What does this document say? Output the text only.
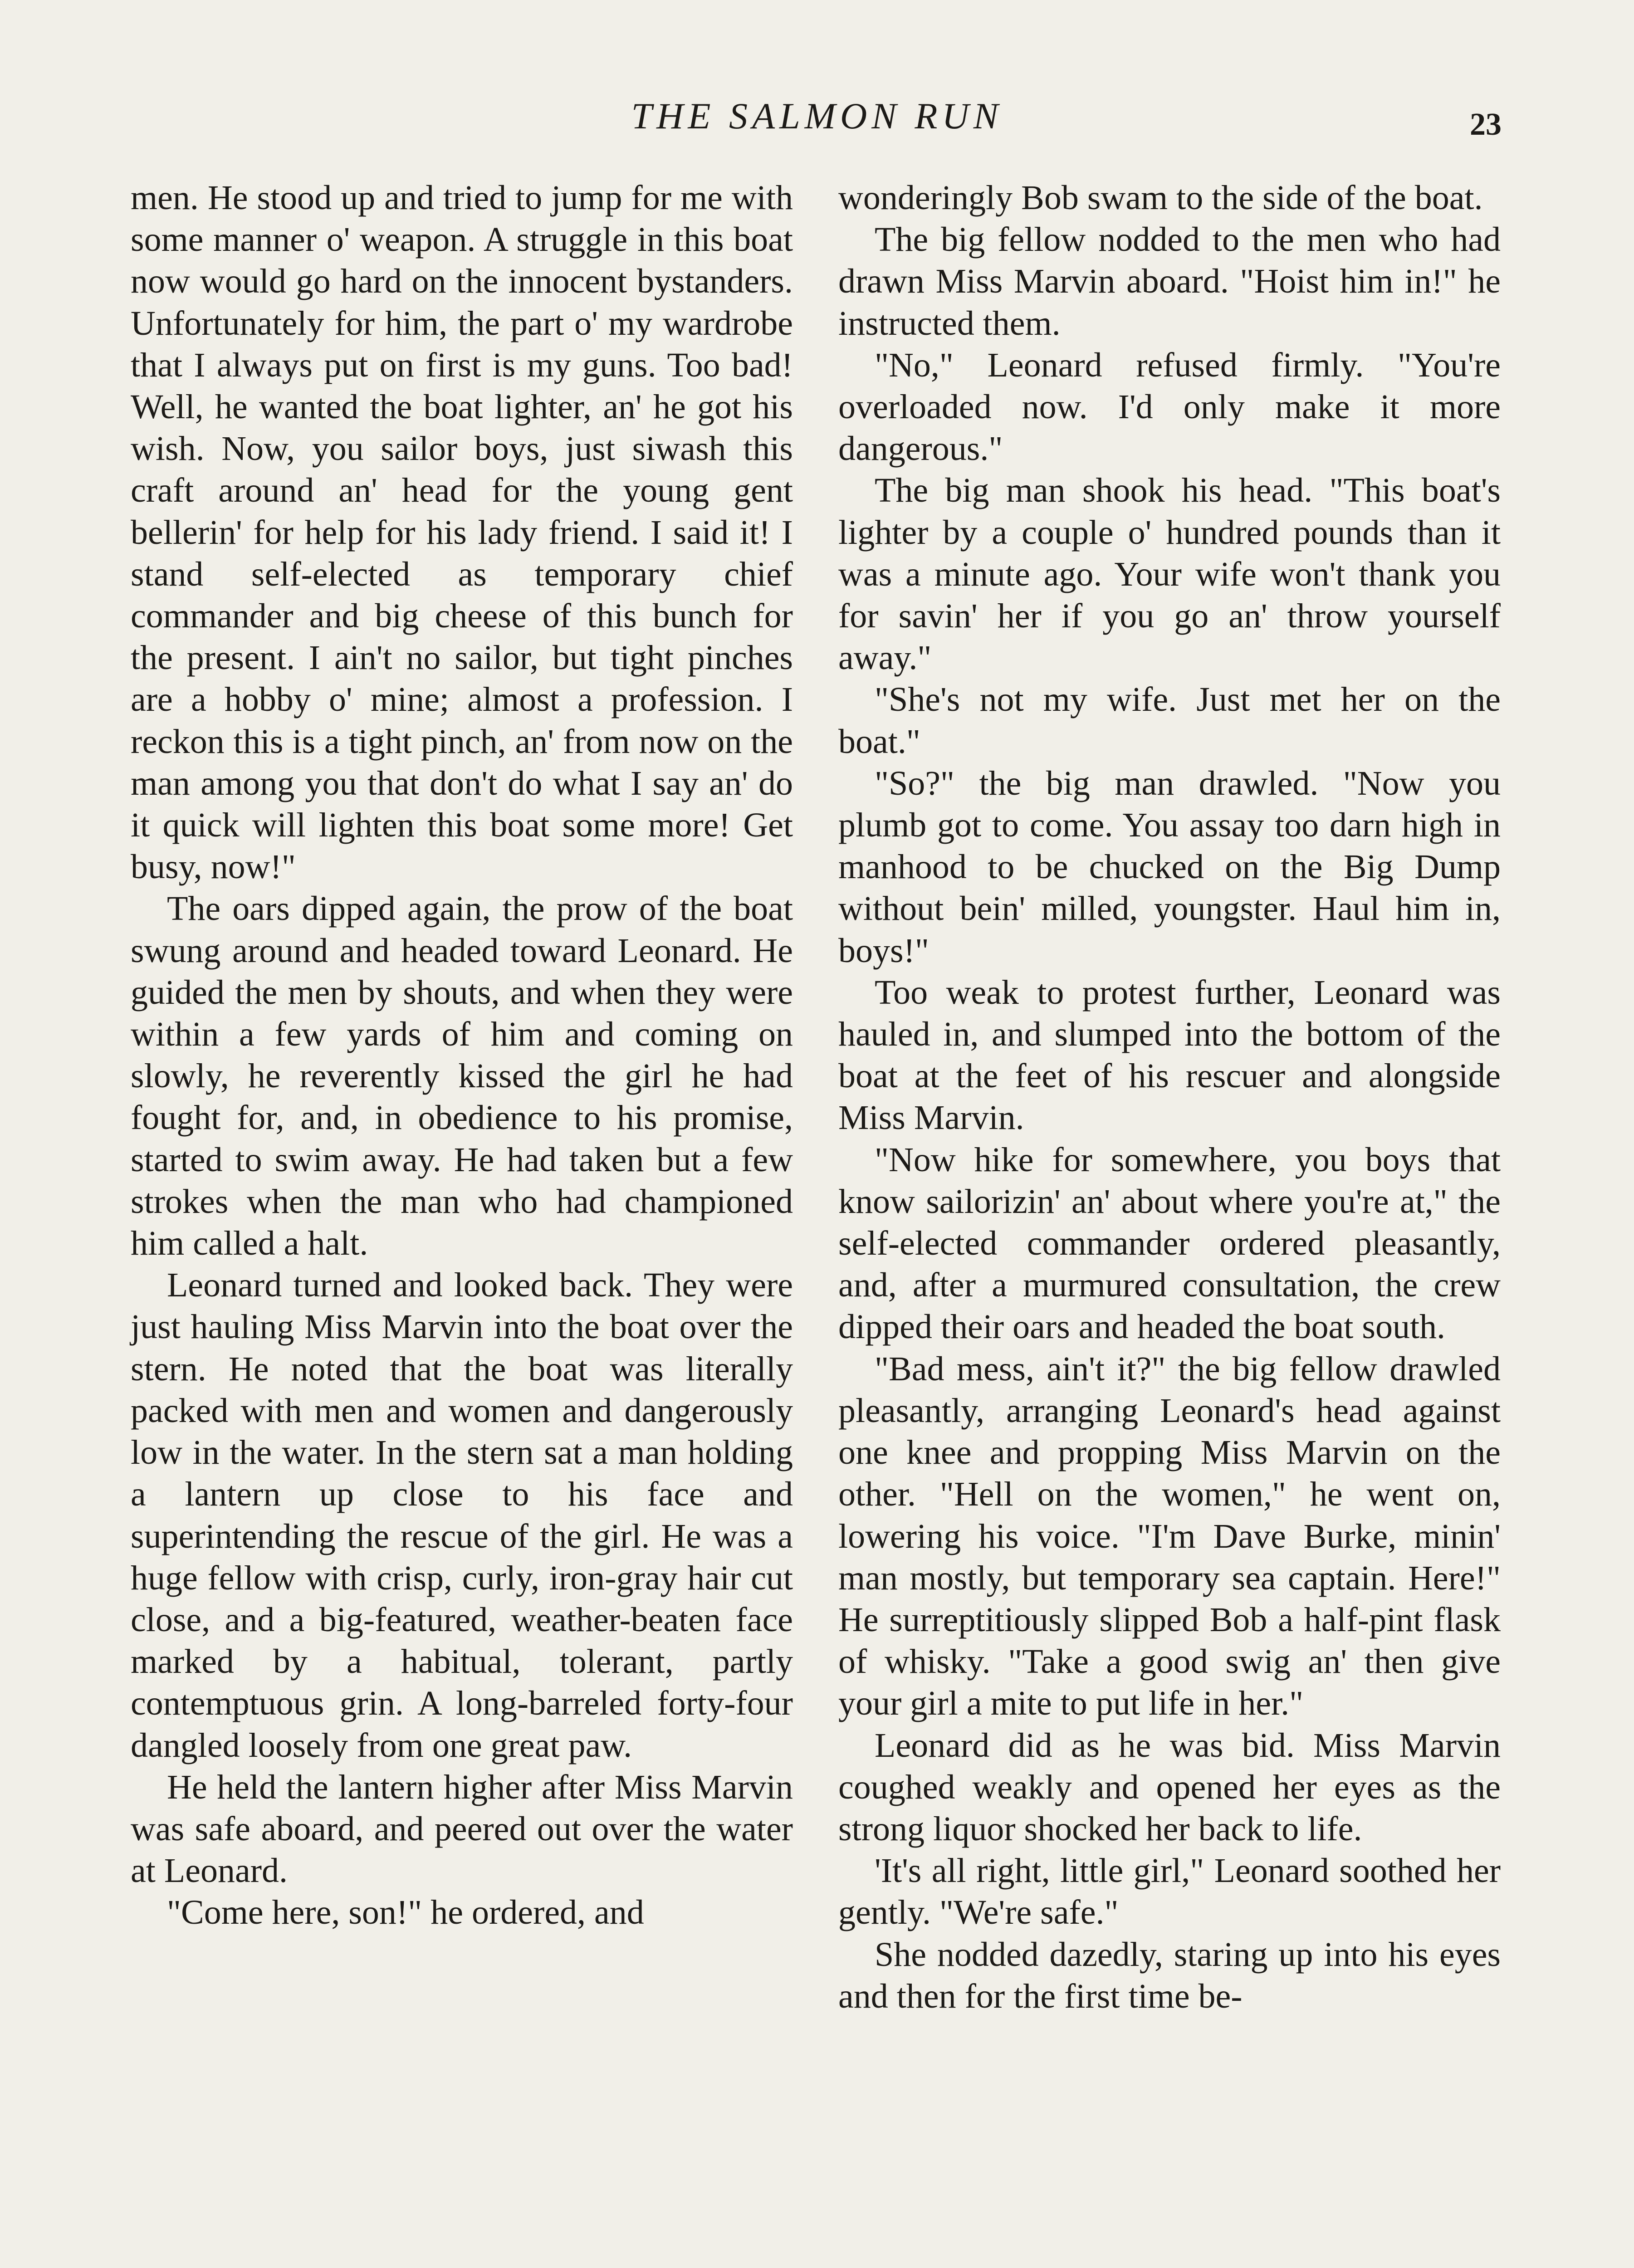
THE SALMON RUN	23

men. He stood up and tried to jump for me with some manner o' weapon. A struggle in this boat now would go hard on the innocent bystanders. Unfortunately for him, the part o' my wardrobe that I always put on first is my guns. Too bad! Well, he wanted the boat lighter, an' he got his wish. Now, you sailor boys, just siwash this craft around an' head for the young gent bellerin' for help for his lady friend. I said it! I stand self-elected as temporary chief commander and big cheese of this bunch for the present. I ain't no sailor, but tight pinches are a hobby o' mine; almost a profession. I reckon this is a tight pinch, an' from now on the man among you that don't do what I say an' do it quick will lighten this boat some more! Get busy, now!"

The oars dipped again, the prow of the boat swung around and headed toward Leonard. He guided the men by shouts, and when they were within a few yards of him and coming on slowly, he reverently kissed the girl he had fought for, and, in obedience to his promise, started to swim away. He had taken but a few strokes when the man who had championed him called a halt.

Leonard turned and looked back. They were just hauling Miss Marvin into the boat over the stern. He noted that the boat was literally packed with men and women and dangerously low in the water. In the stern sat a man holding a lantern up close to his face and superintending the rescue of the girl. He was a huge fellow with crisp, curly, iron-gray hair cut close, and a big-featured, weather-beaten face marked by a habitual, tolerant, partly contemptuous grin. A long-barreled forty-four dangled loosely from one great paw.

He held the lantern higher after Miss Marvin was safe aboard, and peered out over the water at Leonard.

"Come here, son!" he ordered, and

wonderingly Bob swam to the side of the boat.

The big fellow nodded to the men who had drawn Miss Marvin aboard. "Hoist him in!" he instructed them.

"No," Leonard refused firmly. "You're overloaded now. I'd only make it more dangerous."

The big man shook his head. "This boat's lighter by a couple o' hundred pounds than it was a minute ago. Your wife won't thank you for savin' her if you go an' throw yourself away."

"She's not my wife. Just met her on the boat."

"So?" the big man drawled. "Now you plumb got to come. You assay too darn high in manhood to be chucked on the Big Dump without bein' milled, youngster. Haul him in, boys!"

Too weak to protest further, Leonard was hauled in, and slumped into the bottom of the boat at the feet of his rescuer and alongside Miss Marvin.

"Now hike for somewhere, you boys that know sailorizin' an' about where you're at," the self-elected commander ordered pleasantly, and, after a murmured consultation, the crew dipped their oars and headed the boat south.

"Bad mess, ain't it?" the big fellow drawled pleasantly, arranging Leonard's head against one knee and propping Miss Marvin on the other. "Hell on the women," he went on, lowering his voice. "I'm Dave Burke, minin' man mostly, but temporary sea captain. Here!" He surreptitiously slipped Bob a half-pint flask of whisky. "Take a good swig an' then give your girl a mite to put life in her."

Leonard did as he was bid. Miss Marvin coughed weakly and opened her eyes as the strong liquor shocked her back to life.

'It's all right, little girl," Leonard soothed her gently. "We're safe."

She nodded dazedly, staring up into his eyes and then for the first time be-
